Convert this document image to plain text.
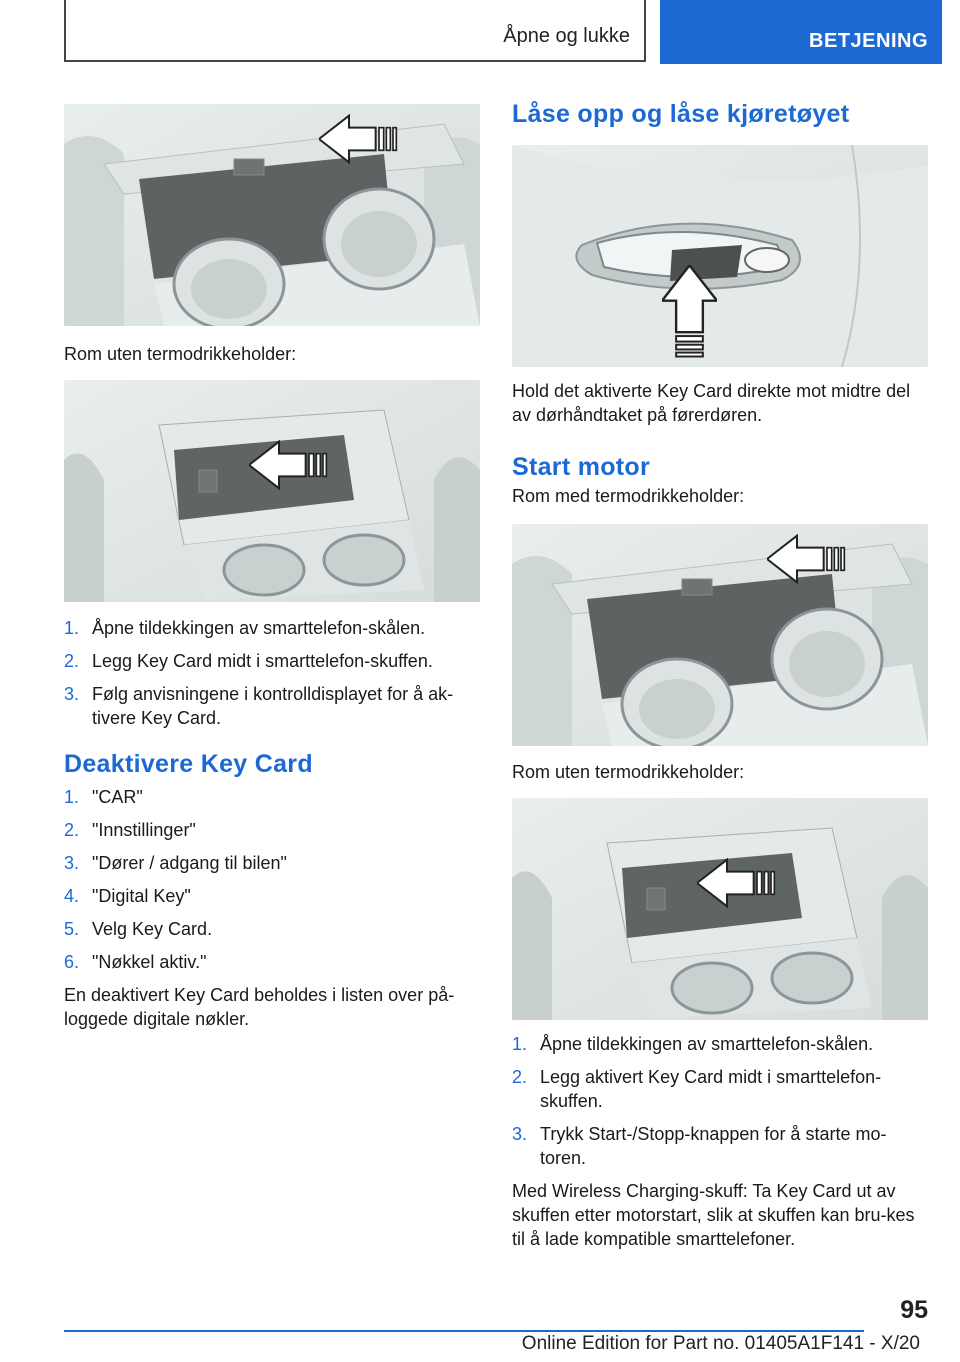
Åpne og lukke	BETJENING

Rom uten termodrikkeholder:

1. Åpne tildekkingen av smarttelefon-skålen.
2. Legg Key Card midt i smarttelefon-skuffen.
3. Følg anvisningene i kontrolldisplayet for å ak-tivere Key Card.
Deaktivere Key Card
1. "CAR"
2. "Innstillinger"
3. "Dører / adgang til bilen"
4. "Digital Key"
5. Velg Key Card.
6. "Nøkkel aktiv."

En deaktivert Key Card beholdes i listen over på-loggede digitale nøkler.

Låse opp og låse kjøretøyet

Hold det aktiverte Key Card direkte mot midtre del av dørhåndtaket på førerdøren.

Start motor

Rom med termodrikkeholder:

Rom uten termodrikkeholder:

1. Åpne tildekkingen av smarttelefon-skålen.
2. Legg aktivert Key Card midt i smarttelefon-skuffen.
3. Trykk Start-/Stopp-knappen for å starte mo-toren.

Med Wireless Charging-skuff: Ta Key Card ut av skuffen etter motorstart, slik at skuffen kan bru-kes til å lade kompatible smarttelefoner.

95
Online Edition for Part no. 01405A1F141 - X/20
